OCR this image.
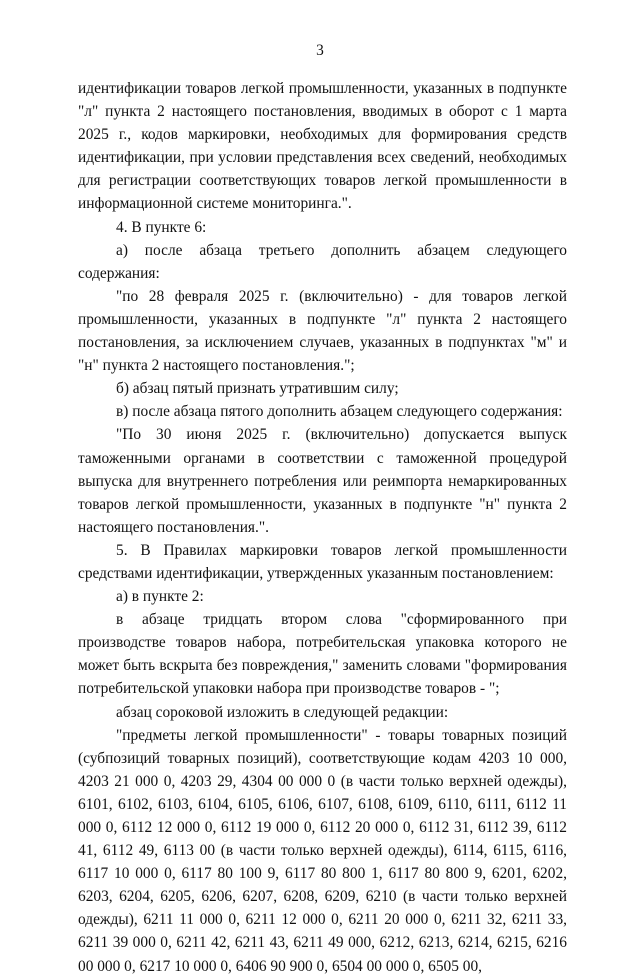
3

идентификации товаров легкой промышленности, указанных в подпункте "л" пункта 2 настоящего постановления, вводимых в оборот с 1 марта 2025 г., кодов маркировки, необходимых для формирования средств идентификации, при условии представления всех сведений, необходимых для регистрации соответствующих товаров легкой промышленности в информационной системе мониторинга.".

4. В пункте 6:

а) после абзаца третьего дополнить абзацем следующего содержания:

"по 28 февраля 2025 г. (включительно) - для товаров легкой промышленности, указанных в подпункте "л" пункта 2 настоящего постановления, за исключением случаев, указанных в подпунктах "м" и "н" пункта 2 настоящего постановления.";

б) абзац пятый признать утратившим силу;

в) после абзаца пятого дополнить абзацем следующего содержания:

"По 30 июня 2025 г. (включительно) допускается выпуск таможенными органами в соответствии с таможенной процедурой выпуска для внутреннего потребления или реимпорта немаркированных товаров легкой промышленности, указанных в подпункте "н" пункта 2 настоящего постановления.".

5. В Правилах маркировки товаров легкой промышленности средствами идентификации, утвержденных указанным постановлением:

а) в пункте 2:

в абзаце тридцать втором слова "сформированного при производстве товаров набора, потребительская упаковка которого не может быть вскрыта без повреждения," заменить словами "формирования потребительской упаковки набора при производстве товаров - ";

абзац сороковой изложить в следующей редакции:

"предметы легкой промышленности" - товары товарных позиций (субпозиций товарных позиций), соответствующие кодам 4203 10 000, 4203 21 000 0, 4203 29, 4304 00 000 0 (в части только верхней одежды), 6101, 6102, 6103, 6104, 6105, 6106, 6107, 6108, 6109, 6110, 6111, 6112 11 000 0, 6112 12 000 0, 6112 19 000 0, 6112 20 000 0, 6112 31, 6112 39, 6112 41, 6112 49, 6113 00 (в части только верхней одежды), 6114, 6115, 6116, 6117 10 000 0, 6117 80 100 9, 6117 80 800 1, 6117 80 800 9, 6201, 6202, 6203, 6204, 6205, 6206, 6207, 6208, 6209, 6210 (в части только верхней одежды), 6211 11 000 0, 6211 12 000 0, 6211 20 000 0, 6211 32, 6211 33, 6211 39 000 0, 6211 42, 6211 43, 6211 49 000, 6212, 6213, 6214, 6215, 6216 00 000 0, 6217 10 000 0, 6406 90 900 0, 6504 00 000 0, 6505 00,
